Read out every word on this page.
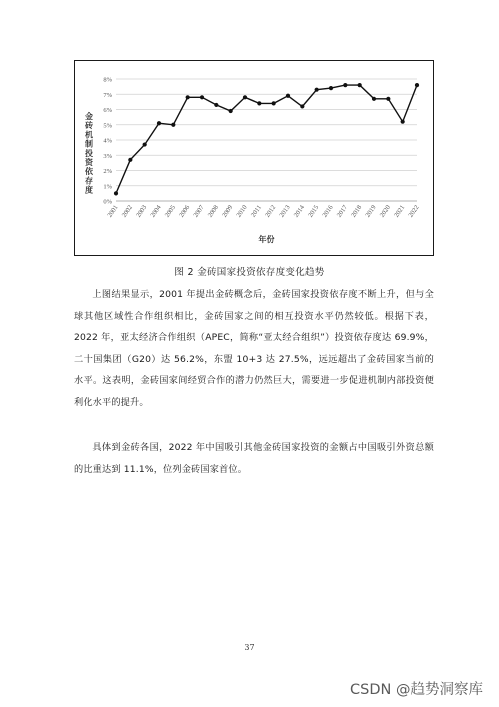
0%
1%
2%
3%
4%
5%
6%
7%
8%
2001 2002 2003 2004 2005 2006 2007 2008 2009 2010 2011 2012 2013 2014 2015 2016 2017 2018 2019 2020 2021 2022
金砖机制投资依存度
年份
图 2 金砖国家投资依存度变化趋势

上图结果显示，2001 年提出金砖概念后，金砖国家投资依存度不断上升，但与全球其他区域性合作组织相比，金砖国家之间的相互投资水平仍然较低。根据下表，2022 年，亚太经济合作组织（APEC，简称“亚太经合组织”）投资依存度达 69.9%，二十国集团（G20）达 56.2%，东盟 10+3 达 27.5%，远远超出了金砖国家当前的水平。这表明，金砖国家间经贸合作的潜力仍然巨大，需要进一步促进机制内部投资便利化水平的提升。

具体到金砖各国，2022 年中国吸引其他金砖国家投资的金额占中国吸引外资总额的比重达到 11.1%，位列金砖国家首位。

37
CSDN @趋势洞察库
